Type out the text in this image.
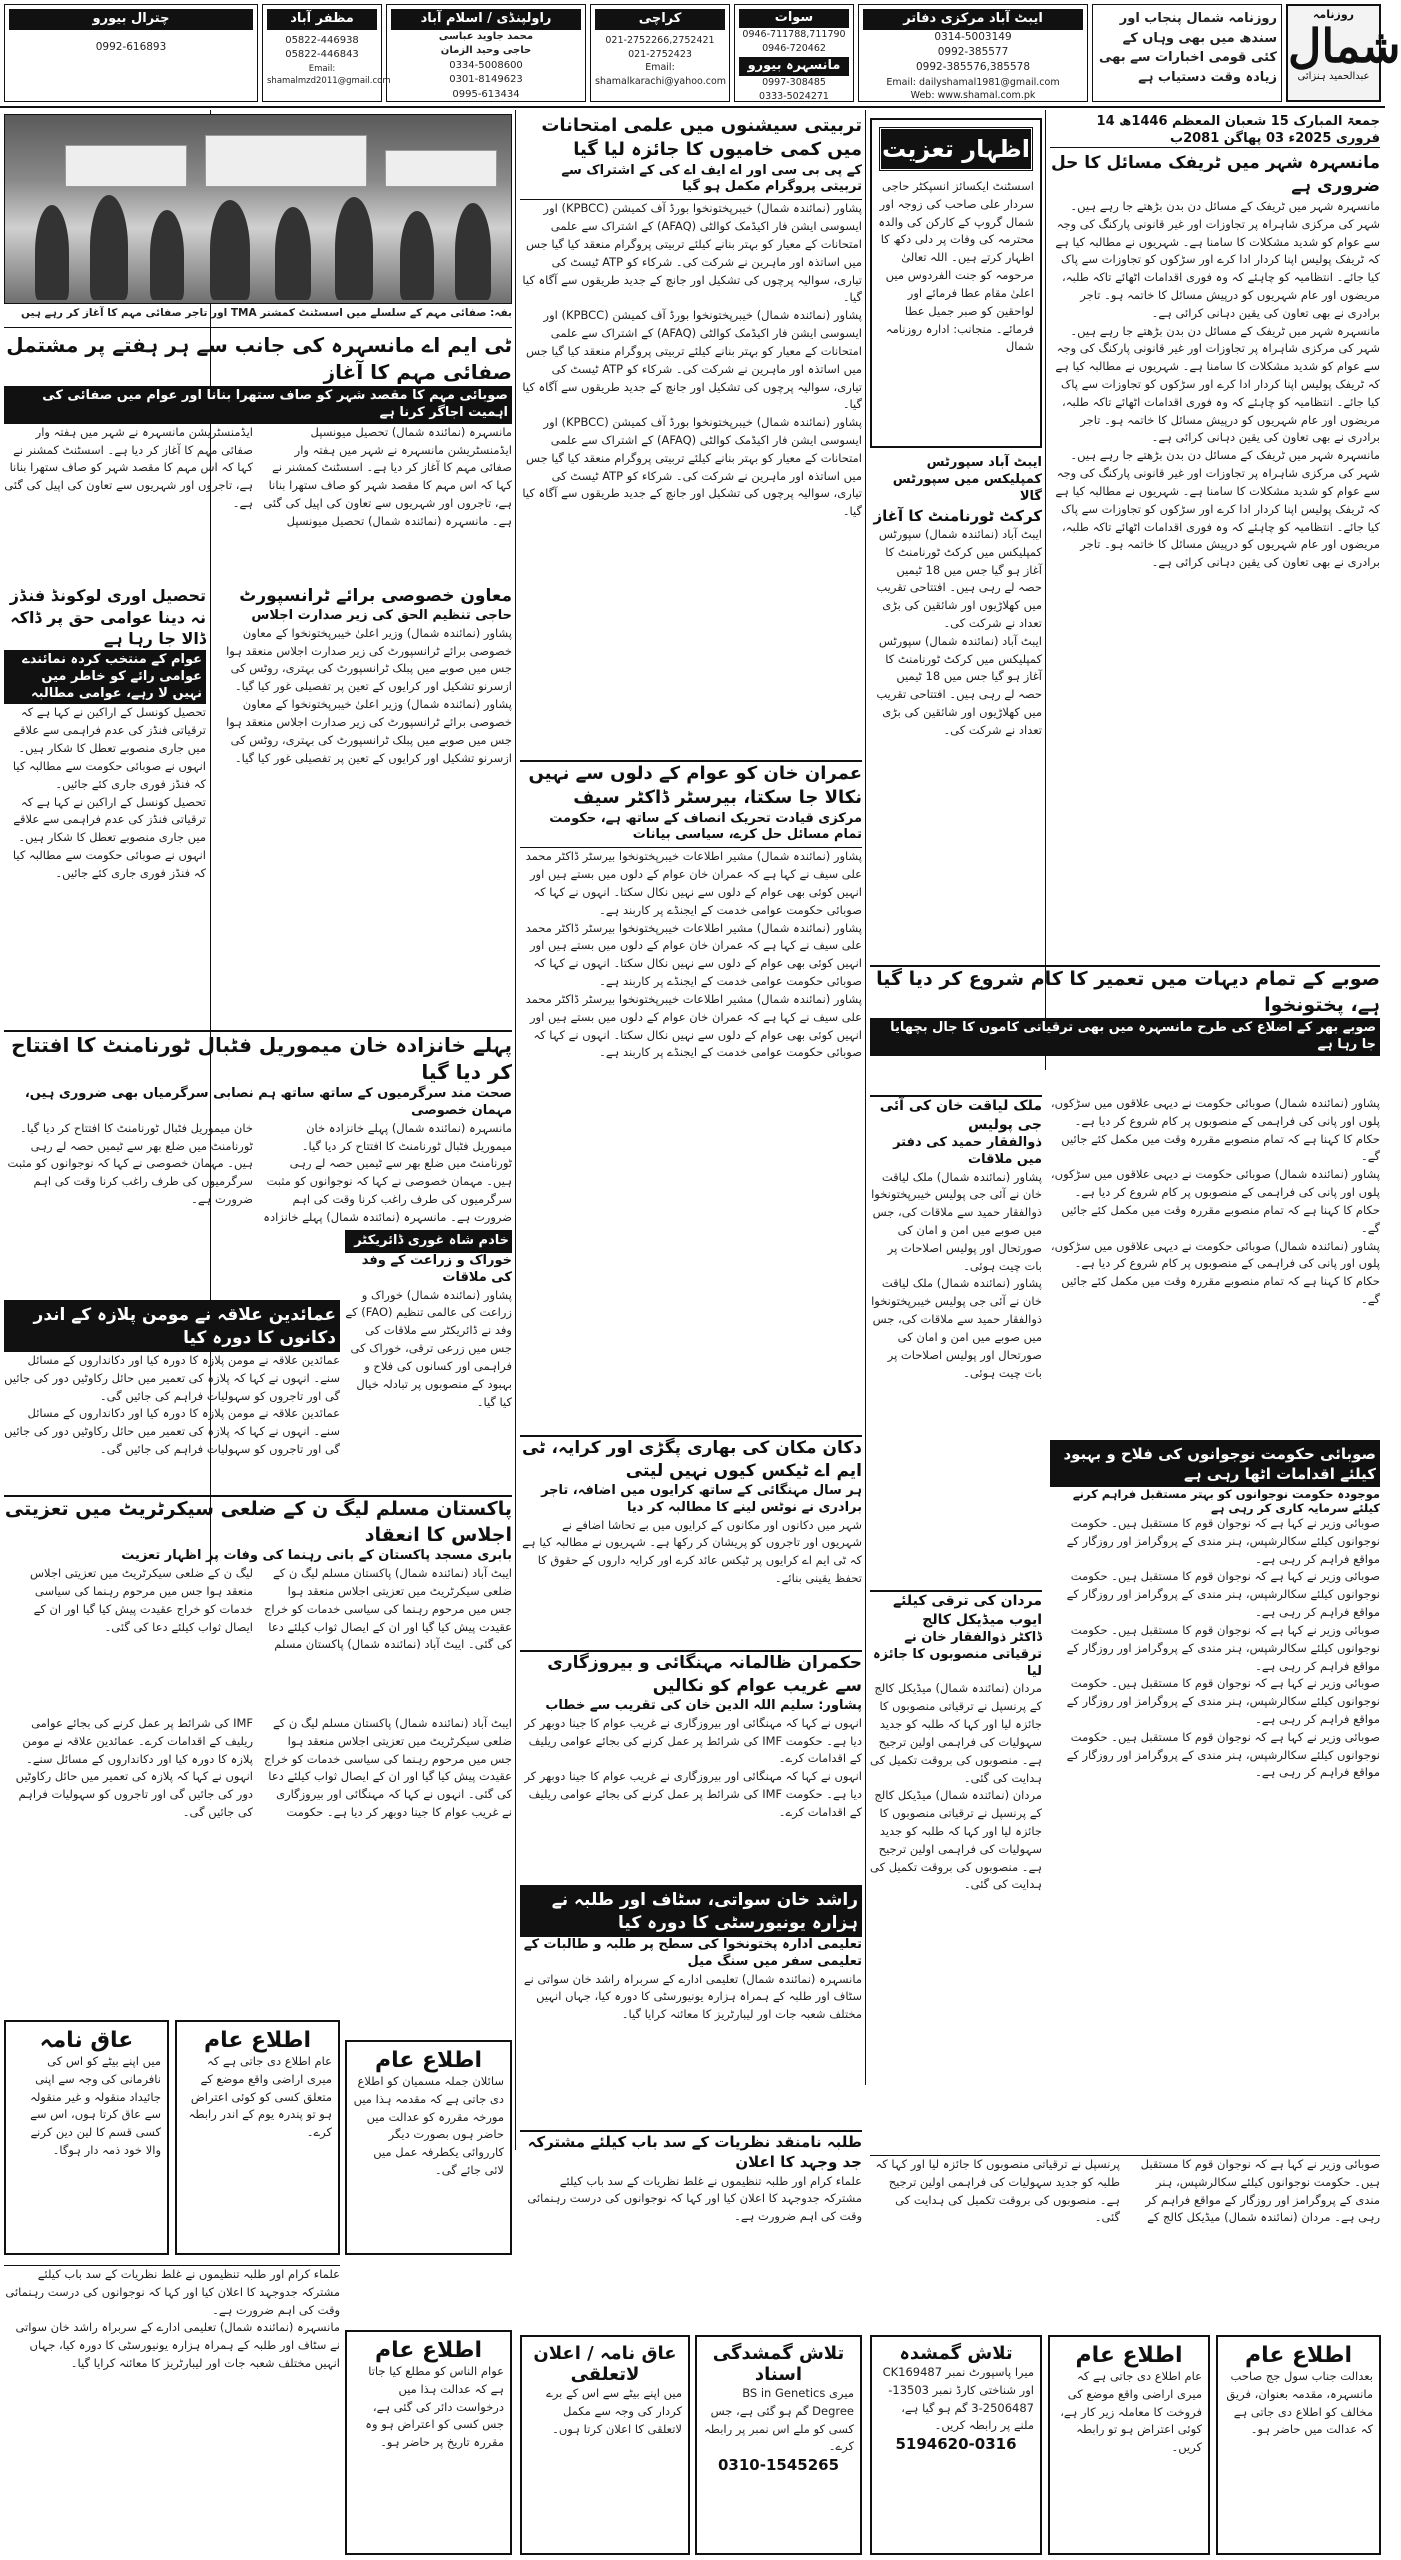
روزنامہ
شمال
عبدالحمید ہنزائی
روزنامہ شمال پنجاب اور سندھ میں بھی وہاں کے کئی قومی اخبارات سے بھی زیادہ وقت دستیاب ہے
ایبٹ آباد مرکزی دفاتر
0314-5003149
0992-385577
0992-385576,385578
Email: dailyshamal1981@gmail.com
Web: www.shamal.com.pk
سوات
0946-711788,711790
0946-720462
مانسہرہ بیورو
0997-308485
0333-5024271
کراچی
021-2752266,2752421
021-2752423
Email: shamalkarachi@yahoo.com
راولپنڈی / اسلام آباد
محمد جاوید عباسی
حاجی وحید الزمان
0334-5008600
0301-8149623
0995-613434
مظفر آباد
05822-446938
05822-446843
Email: shamalmzd2011@gmail.com
چترال بیورو
0992-616893
جمعۃ المبارک 15 شعبان المعظم 1446ھ 14 فروری 2025ء 03 پھاگن 2081ب
مانسہرہ شہر میں ٹریفک مسائل کا حل ضروری ہے
مانسہرہ شہر میں ٹریفک کے مسائل دن بدن بڑھتے جا رہے ہیں۔ شہر کی مرکزی شاہراہ پر تجاوزات اور غیر قانونی پارکنگ کی وجہ سے عوام کو شدید مشکلات کا سامنا ہے۔ شہریوں نے مطالبہ کیا ہے کہ ٹریفک پولیس اپنا کردار ادا کرے اور سڑکوں کو تجاوزات سے پاک کیا جائے۔ انتظامیہ کو چاہئے کہ وہ فوری اقدامات اٹھائے تاکہ طلبہ، مریضوں اور عام شہریوں کو درپیش مسائل کا خاتمہ ہو۔ تاجر برادری نے بھی تعاون کی یقین دہانی کرائی ہے۔
مانسہرہ شہر میں ٹریفک کے مسائل دن بدن بڑھتے جا رہے ہیں۔ شہر کی مرکزی شاہراہ پر تجاوزات اور غیر قانونی پارکنگ کی وجہ سے عوام کو شدید مشکلات کا سامنا ہے۔ شہریوں نے مطالبہ کیا ہے کہ ٹریفک پولیس اپنا کردار ادا کرے اور سڑکوں کو تجاوزات سے پاک کیا جائے۔ انتظامیہ کو چاہئے کہ وہ فوری اقدامات اٹھائے تاکہ طلبہ، مریضوں اور عام شہریوں کو درپیش مسائل کا خاتمہ ہو۔ تاجر برادری نے بھی تعاون کی یقین دہانی کرائی ہے۔
مانسہرہ شہر میں ٹریفک کے مسائل دن بدن بڑھتے جا رہے ہیں۔ شہر کی مرکزی شاہراہ پر تجاوزات اور غیر قانونی پارکنگ کی وجہ سے عوام کو شدید مشکلات کا سامنا ہے۔ شہریوں نے مطالبہ کیا ہے کہ ٹریفک پولیس اپنا کردار ادا کرے اور سڑکوں کو تجاوزات سے پاک کیا جائے۔ انتظامیہ کو چاہئے کہ وہ فوری اقدامات اٹھائے تاکہ طلبہ، مریضوں اور عام شہریوں کو درپیش مسائل کا خاتمہ ہو۔ تاجر برادری نے بھی تعاون کی یقین دہانی کرائی ہے۔
اظہار تعزیت
اسسٹنٹ ایکسائز انسپکٹر حاجی سردار علی صاحب کی زوجہ اور شمال گروپ کے کارکن کی والدہ محترمہ کی وفات پر دلی دکھ کا اظہار کرتے ہیں۔ اللہ تعالیٰ مرحومہ کو جنت الفردوس میں اعلیٰ مقام عطا فرمائے اور لواحقین کو صبر جمیل عطا فرمائے۔ منجانب: ادارہ روزنامہ شمال
ایبٹ آباد سپورٹس کمپلیکس میں سپورٹس گالا
کرکٹ ٹورنامنٹ کا آغاز
ایبٹ آباد (نمائندہ شمال) سپورٹس کمپلیکس میں کرکٹ ٹورنامنٹ کا آغاز ہو گیا جس میں 18 ٹیمیں حصہ لے رہی ہیں۔ افتتاحی تقریب میں کھلاڑیوں اور شائقین کی بڑی تعداد نے شرکت کی۔
ایبٹ آباد (نمائندہ شمال) سپورٹس کمپلیکس میں کرکٹ ٹورنامنٹ کا آغاز ہو گیا جس میں 18 ٹیمیں حصہ لے رہی ہیں۔ افتتاحی تقریب میں کھلاڑیوں اور شائقین کی بڑی تعداد نے شرکت کی۔
تربیتی سیشنوں میں علمی امتحانات میں کمی خامیوں کا جائزہ لیا گیا
کے پی بی سی اور اے ایف اے کی کے اشتراک سے تربیتی پروگرام مکمل ہو گیا
پشاور (نمائندہ شمال) خیبرپختونخوا بورڈ آف کمیشن (KPBCC) اور ایسوسی ایشن فار اکیڈمک کوالٹی (AFAQ) کے اشتراک سے علمی امتحانات کے معیار کو بہتر بنانے کیلئے تربیتی پروگرام منعقد کیا گیا جس میں اساتذہ اور ماہرین نے شرکت کی۔ شرکاء کو ATP ٹیسٹ کی تیاری، سوالیہ پرچوں کی تشکیل اور جانچ کے جدید طریقوں سے آگاہ کیا گیا۔
پشاور (نمائندہ شمال) خیبرپختونخوا بورڈ آف کمیشن (KPBCC) اور ایسوسی ایشن فار اکیڈمک کوالٹی (AFAQ) کے اشتراک سے علمی امتحانات کے معیار کو بہتر بنانے کیلئے تربیتی پروگرام منعقد کیا گیا جس میں اساتذہ اور ماہرین نے شرکت کی۔ شرکاء کو ATP ٹیسٹ کی تیاری، سوالیہ پرچوں کی تشکیل اور جانچ کے جدید طریقوں سے آگاہ کیا گیا۔
پشاور (نمائندہ شمال) خیبرپختونخوا بورڈ آف کمیشن (KPBCC) اور ایسوسی ایشن فار اکیڈمک کوالٹی (AFAQ) کے اشتراک سے علمی امتحانات کے معیار کو بہتر بنانے کیلئے تربیتی پروگرام منعقد کیا گیا جس میں اساتذہ اور ماہرین نے شرکت کی۔ شرکاء کو ATP ٹیسٹ کی تیاری، سوالیہ پرچوں کی تشکیل اور جانچ کے جدید طریقوں سے آگاہ کیا گیا۔
عمران خان کو عوام کے دلوں سے نہیں نکالا جا سکتا، بیرسٹر ڈاکٹر سیف
مرکزی قیادت تحریک انصاف کے ساتھ ہے، حکومت تمام مسائل حل کرے، سیاسی بیانات
پشاور (نمائندہ شمال) مشیر اطلاعات خیبرپختونخوا بیرسٹر ڈاکٹر محمد علی سیف نے کہا ہے کہ عمران خان عوام کے دلوں میں بستے ہیں اور انہیں کوئی بھی عوام کے دلوں سے نہیں نکال سکتا۔ انہوں نے کہا کہ صوبائی حکومت عوامی خدمت کے ایجنڈے پر کاربند ہے۔
پشاور (نمائندہ شمال) مشیر اطلاعات خیبرپختونخوا بیرسٹر ڈاکٹر محمد علی سیف نے کہا ہے کہ عمران خان عوام کے دلوں میں بستے ہیں اور انہیں کوئی بھی عوام کے دلوں سے نہیں نکال سکتا۔ انہوں نے کہا کہ صوبائی حکومت عوامی خدمت کے ایجنڈے پر کاربند ہے۔
پشاور (نمائندہ شمال) مشیر اطلاعات خیبرپختونخوا بیرسٹر ڈاکٹر محمد علی سیف نے کہا ہے کہ عمران خان عوام کے دلوں میں بستے ہیں اور انہیں کوئی بھی عوام کے دلوں سے نہیں نکال سکتا۔ انہوں نے کہا کہ صوبائی حکومت عوامی خدمت کے ایجنڈے پر کاربند ہے۔
بفہ: صفائی مہم کے سلسلے میں اسسٹنٹ کمشنر TMA اور تاجر صفائی مہم کا آغاز کر رہے ہیں
ٹی ایم اے مانسہرہ کی جانب سے ہر ہفتے پر مشتمل صفائی مہم کا آغاز
صوبائی مہم کا مقصد شہر کو صاف ستھرا بنانا اور عوام میں صفائی کی اہمیت اجاگر کرنا ہے
مانسہرہ (نمائندہ شمال) تحصیل میونسپل ایڈمنسٹریشن مانسہرہ نے شہر میں ہفتہ وار صفائی مہم کا آغاز کر دیا ہے۔ اسسٹنٹ کمشنر نے کہا کہ اس مہم کا مقصد شہر کو صاف ستھرا بنانا ہے، تاجروں اور شہریوں سے تعاون کی اپیل کی گئی ہے۔ مانسہرہ (نمائندہ شمال) تحصیل میونسپل ایڈمنسٹریشن مانسہرہ نے شہر میں ہفتہ وار صفائی مہم کا آغاز کر دیا ہے۔ اسسٹنٹ کمشنر نے کہا کہ اس مہم کا مقصد شہر کو صاف ستھرا بنانا ہے، تاجروں اور شہریوں سے تعاون کی اپیل کی گئی ہے۔
معاون خصوصی برائے ٹرانسپورٹ
حاجی تنظیم الحق کی زیر صدارت اجلاس
پشاور (نمائندہ شمال) وزیر اعلیٰ خیبرپختونخوا کے معاون خصوصی برائے ٹرانسپورٹ کی زیر صدارت اجلاس منعقد ہوا جس میں صوبے میں پبلک ٹرانسپورٹ کی بہتری، روٹس کی ازسرنو تشکیل اور کرایوں کے تعین پر تفصیلی غور کیا گیا۔
پشاور (نمائندہ شمال) وزیر اعلیٰ خیبرپختونخوا کے معاون خصوصی برائے ٹرانسپورٹ کی زیر صدارت اجلاس منعقد ہوا جس میں صوبے میں پبلک ٹرانسپورٹ کی بہتری، روٹس کی ازسرنو تشکیل اور کرایوں کے تعین پر تفصیلی غور کیا گیا۔
تحصیل اوری لوکونڈ فنڈز نہ دینا عوامی حق پر ڈاکہ ڈالا جا رہا ہے
عوام کے منتخب کردہ نمائندے عوامی رائے کو خاطر میں نہیں لا رہے، عوامی مطالبہ
تحصیل کونسل کے اراکین نے کہا ہے کہ ترقیاتی فنڈز کی عدم فراہمی سے علاقے میں جاری منصوبے تعطل کا شکار ہیں۔ انہوں نے صوبائی حکومت سے مطالبہ کیا کہ فنڈز فوری جاری کئے جائیں۔
تحصیل کونسل کے اراکین نے کہا ہے کہ ترقیاتی فنڈز کی عدم فراہمی سے علاقے میں جاری منصوبے تعطل کا شکار ہیں۔ انہوں نے صوبائی حکومت سے مطالبہ کیا کہ فنڈز فوری جاری کئے جائیں۔
پہلے خانزادہ خان میموریل فٹبال ٹورنامنٹ کا افتتاح کر دیا گیا
صحت مند سرگرمیوں کے ساتھ ساتھ ہم نصابی سرگرمیاں بھی ضروری ہیں، مہمان خصوصی
مانسہرہ (نمائندہ شمال) پہلے خانزادہ خان میموریل فٹبال ٹورنامنٹ کا افتتاح کر دیا گیا۔ ٹورنامنٹ میں ضلع بھر سے ٹیمیں حصہ لے رہی ہیں۔ مہمان خصوصی نے کہا کہ نوجوانوں کو مثبت سرگرمیوں کی طرف راغب کرنا وقت کی اہم ضرورت ہے۔ مانسہرہ (نمائندہ شمال) پہلے خانزادہ خان میموریل فٹبال ٹورنامنٹ کا افتتاح کر دیا گیا۔ ٹورنامنٹ میں ضلع بھر سے ٹیمیں حصہ لے رہی ہیں۔ مہمان خصوصی نے کہا کہ نوجوانوں کو مثبت سرگرمیوں کی طرف راغب کرنا وقت کی اہم ضرورت ہے۔
خادم شاہ غوری ڈائریکٹر
خوراک و زراعت کے وفد کی ملاقات
پشاور (نمائندہ شمال) خوراک و زراعت کی عالمی تنظیم (FAO) کے وفد نے ڈائریکٹر سے ملاقات کی جس میں زرعی ترقی، خوراک کی فراہمی اور کسانوں کی فلاح و بہبود کے منصوبوں پر تبادلہ خیال کیا گیا۔
عمائدین علاقہ نے مومن پلازہ کے اندر دکانوں کا دورہ کیا
عمائدین علاقہ نے مومن پلازہ کا دورہ کیا اور دکانداروں کے مسائل سنے۔ انہوں نے کہا کہ پلازہ کی تعمیر میں حائل رکاوٹیں دور کی جائیں گی اور تاجروں کو سہولیات فراہم کی جائیں گی۔
عمائدین علاقہ نے مومن پلازہ کا دورہ کیا اور دکانداروں کے مسائل سنے۔ انہوں نے کہا کہ پلازہ کی تعمیر میں حائل رکاوٹیں دور کی جائیں گی اور تاجروں کو سہولیات فراہم کی جائیں گی۔
پاکستان مسلم لیگ ن کے ضلعی سیکرٹریٹ میں تعزیتی اجلاس کا انعقاد
بابری مسجد پاکستان کے بانی رہنما کی وفات پر اظہار تعزیت
ایبٹ آباد (نمائندہ شمال) پاکستان مسلم لیگ ن کے ضلعی سیکرٹریٹ میں تعزیتی اجلاس منعقد ہوا جس میں مرحوم رہنما کی سیاسی خدمات کو خراج عقیدت پیش کیا گیا اور ان کے ایصال ثواب کیلئے دعا کی گئی۔ ایبٹ آباد (نمائندہ شمال) پاکستان مسلم لیگ ن کے ضلعی سیکرٹریٹ میں تعزیتی اجلاس منعقد ہوا جس میں مرحوم رہنما کی سیاسی خدمات کو خراج عقیدت پیش کیا گیا اور ان کے ایصال ثواب کیلئے دعا کی گئی۔
دکان مکان کی بھاری پگڑی اور کرایہ، ٹی ایم اے ٹیکس کیوں نہیں لیتی
ہر سال مہنگائی کے ساتھ کرایوں میں اضافہ، تاجر برادری نے نوٹس لینے کا مطالبہ کر دیا
شہر میں دکانوں اور مکانوں کے کرایوں میں بے تحاشا اضافے نے شہریوں اور تاجروں کو پریشان کر رکھا ہے۔ شہریوں نے مطالبہ کیا ہے کہ ٹی ایم اے کرایوں پر ٹیکس عائد کرے اور کرایہ داروں کے حقوق کا تحفظ یقینی بنائے۔
حکمران ظالمانہ مہنگائی و بیروزگاری سے غریب عوام کو نکالیں
پشاور: سلیم اللہ الدین خان کی تقریب سے خطاب
انہوں نے کہا کہ مہنگائی اور بیروزگاری نے غریب عوام کا جینا دوبھر کر دیا ہے۔ حکومت IMF کی شرائط پر عمل کرنے کی بجائے عوامی ریلیف کے اقدامات کرے۔
انہوں نے کہا کہ مہنگائی اور بیروزگاری نے غریب عوام کا جینا دوبھر کر دیا ہے۔ حکومت IMF کی شرائط پر عمل کرنے کی بجائے عوامی ریلیف کے اقدامات کرے۔
راشد خان سواتی، سٹاف اور طلبہ نے ہزارہ یونیورسٹی کا دورہ کیا
تعلیمی ادارہ پختونخوا کی سطح پر طلبہ و طالبات کے تعلیمی سفر میں سنگ میل
مانسہرہ (نمائندہ شمال) تعلیمی ادارے کے سربراہ راشد خان سواتی نے سٹاف اور طلبہ کے ہمراہ ہزارہ یونیورسٹی کا دورہ کیا، جہاں انہیں مختلف شعبہ جات اور لیبارٹریز کا معائنہ کرایا گیا۔
طلبہ نامنقد نظریات کے سد باب کیلئے مشترکہ جد وجہد کا اعلان
علماء کرام اور طلبہ تنظیموں نے غلط نظریات کے سد باب کیلئے مشترکہ جدوجہد کا اعلان کیا اور کہا کہ نوجوانوں کی درست رہنمائی وقت کی اہم ضرورت ہے۔
ملک لیاقت خان کی آئی جی پولیس
ذوالفقار حمید کی دفتر میں ملاقات
پشاور (نمائندہ شمال) ملک لیاقت خان نے آئی جی پولیس خیبرپختونخوا ذوالفقار حمید سے ملاقات کی، جس میں صوبے میں امن و امان کی صورتحال اور پولیس اصلاحات پر بات چیت ہوئی۔
پشاور (نمائندہ شمال) ملک لیاقت خان نے آئی جی پولیس خیبرپختونخوا ذوالفقار حمید سے ملاقات کی، جس میں صوبے میں امن و امان کی صورتحال اور پولیس اصلاحات پر بات چیت ہوئی۔
مردان کی ترقی کیلئے ایوب میڈیکل کالج
ڈاکٹر ذوالفقار خان نے ترقیاتی منصوبوں کا جائزہ لیا
مردان (نمائندہ شمال) میڈیکل کالج کے پرنسپل نے ترقیاتی منصوبوں کا جائزہ لیا اور کہا کہ طلبہ کو جدید سہولیات کی فراہمی اولین ترجیح ہے۔ منصوبوں کی بروقت تکمیل کی ہدایت کی گئی۔
مردان (نمائندہ شمال) میڈیکل کالج کے پرنسپل نے ترقیاتی منصوبوں کا جائزہ لیا اور کہا کہ طلبہ کو جدید سہولیات کی فراہمی اولین ترجیح ہے۔ منصوبوں کی بروقت تکمیل کی ہدایت کی گئی۔
صوبے کے تمام دیہات میں تعمیر کا کام شروع کر دیا گیا ہے، پختونخوا
صوبے بھر کے اضلاع کی طرح مانسہرہ میں بھی ترقیاتی کاموں کا جال بچھایا جا رہا ہے
پشاور (نمائندہ شمال) صوبائی حکومت نے دیہی علاقوں میں سڑکوں، پلوں اور پانی کی فراہمی کے منصوبوں پر کام شروع کر دیا ہے۔ حکام کا کہنا ہے کہ تمام منصوبے مقررہ وقت میں مکمل کئے جائیں گے۔
پشاور (نمائندہ شمال) صوبائی حکومت نے دیہی علاقوں میں سڑکوں، پلوں اور پانی کی فراہمی کے منصوبوں پر کام شروع کر دیا ہے۔ حکام کا کہنا ہے کہ تمام منصوبے مقررہ وقت میں مکمل کئے جائیں گے۔
پشاور (نمائندہ شمال) صوبائی حکومت نے دیہی علاقوں میں سڑکوں، پلوں اور پانی کی فراہمی کے منصوبوں پر کام شروع کر دیا ہے۔ حکام کا کہنا ہے کہ تمام منصوبے مقررہ وقت میں مکمل کئے جائیں گے۔
صوبائی حکومت نوجوانوں کی فلاح و بہبود کیلئے اقدامات اٹھا رہی ہے
موجودہ حکومت نوجوانوں کو بہتر مستقبل فراہم کرنے کیلئے سرمایہ کاری کر رہی ہے
صوبائی وزیر نے کہا ہے کہ نوجوان قوم کا مستقبل ہیں۔ حکومت نوجوانوں کیلئے سکالرشپس، ہنر مندی کے پروگرامز اور روزگار کے مواقع فراہم کر رہی ہے۔
صوبائی وزیر نے کہا ہے کہ نوجوان قوم کا مستقبل ہیں۔ حکومت نوجوانوں کیلئے سکالرشپس، ہنر مندی کے پروگرامز اور روزگار کے مواقع فراہم کر رہی ہے۔
صوبائی وزیر نے کہا ہے کہ نوجوان قوم کا مستقبل ہیں۔ حکومت نوجوانوں کیلئے سکالرشپس، ہنر مندی کے پروگرامز اور روزگار کے مواقع فراہم کر رہی ہے۔
صوبائی وزیر نے کہا ہے کہ نوجوان قوم کا مستقبل ہیں۔ حکومت نوجوانوں کیلئے سکالرشپس، ہنر مندی کے پروگرامز اور روزگار کے مواقع فراہم کر رہی ہے۔
صوبائی وزیر نے کہا ہے کہ نوجوان قوم کا مستقبل ہیں۔ حکومت نوجوانوں کیلئے سکالرشپس، ہنر مندی کے پروگرامز اور روزگار کے مواقع فراہم کر رہی ہے۔
عاق نامہ
میں اپنے بیٹے کو اس کی نافرمانی کی وجہ سے اپنی جائیداد منقولہ و غیر منقولہ سے عاق کرتا ہوں، اس سے کسی قسم کا لین دین کرنے والا خود ذمہ دار ہوگا۔
اطلاع عام
عام اطلاع دی جاتی ہے کہ میری اراضی واقع موضع کے متعلق کسی کو کوئی اعتراض ہو تو پندرہ یوم کے اندر رابطہ کرے۔
اطلاع عام
سائلان جملہ مسمیان کو اطلاع دی جاتی ہے کہ مقدمہ ہذا میں مورخہ مقررہ کو عدالت میں حاضر ہوں بصورت دیگر کارروائی یکطرفہ عمل میں لائی جائے گی۔
اطلاع عام
عوام الناس کو مطلع کیا جاتا ہے کہ عدالت ہذا میں درخواست دائر کی گئی ہے، جس کسی کو اعتراض ہو وہ مقررہ تاریخ پر حاضر ہو۔
عاق نامہ / اعلان لاتعلقی
میں اپنے بیٹے سے اس کے برے کردار کی وجہ سے مکمل لاتعلقی کا اعلان کرتا ہوں۔
تلاش گمشدگی اسناد
میری BS in Genetics Degree گم ہو گئی ہے، جس کسی کو ملے اس نمبر پر رابطہ کرے۔
0310-1545265
تلاش گمشدہ
میرا پاسپورٹ نمبر CK169487 اور شناختی کارڈ نمبر 13503-2506487-3 گم ہو گیا ہے، ملنے پر رابطہ کریں۔
5194620-0316
اطلاع عام
عام اطلاع دی جاتی ہے کہ میری اراضی واقع موضع کی فروخت کا معاملہ زیر کار ہے، کوئی اعتراض ہو تو رابطہ کریں۔
اطلاع عام
بعدالت جناب سول جج صاحب مانسہرہ، مقدمہ بعنوان، فریق مخالف کو اطلاع دی جاتی ہے کہ عدالت میں حاضر ہو۔
علماء کرام اور طلبہ تنظیموں نے غلط نظریات کے سد باب کیلئے مشترکہ جدوجہد کا اعلان کیا اور کہا کہ نوجوانوں کی درست رہنمائی وقت کی اہم ضرورت ہے۔
مانسہرہ (نمائندہ شمال) تعلیمی ادارے کے سربراہ راشد خان سواتی نے سٹاف اور طلبہ کے ہمراہ ہزارہ یونیورسٹی کا دورہ کیا، جہاں انہیں مختلف شعبہ جات اور لیبارٹریز کا معائنہ کرایا گیا۔
ایبٹ آباد (نمائندہ شمال) پاکستان مسلم لیگ ن کے ضلعی سیکرٹریٹ میں تعزیتی اجلاس منعقد ہوا جس میں مرحوم رہنما کی سیاسی خدمات کو خراج عقیدت پیش کیا گیا اور ان کے ایصال ثواب کیلئے دعا کی گئی۔ انہوں نے کہا کہ مہنگائی اور بیروزگاری نے غریب عوام کا جینا دوبھر کر دیا ہے۔ حکومت IMF کی شرائط پر عمل کرنے کی بجائے عوامی ریلیف کے اقدامات کرے۔ عمائدین علاقہ نے مومن پلازہ کا دورہ کیا اور دکانداروں کے مسائل سنے۔ انہوں نے کہا کہ پلازہ کی تعمیر میں حائل رکاوٹیں دور کی جائیں گی اور تاجروں کو سہولیات فراہم کی جائیں گی۔
صوبائی وزیر نے کہا ہے کہ نوجوان قوم کا مستقبل ہیں۔ حکومت نوجوانوں کیلئے سکالرشپس، ہنر مندی کے پروگرامز اور روزگار کے مواقع فراہم کر رہی ہے۔ مردان (نمائندہ شمال) میڈیکل کالج کے پرنسپل نے ترقیاتی منصوبوں کا جائزہ لیا اور کہا کہ طلبہ کو جدید سہولیات کی فراہمی اولین ترجیح ہے۔ منصوبوں کی بروقت تکمیل کی ہدایت کی گئی۔
